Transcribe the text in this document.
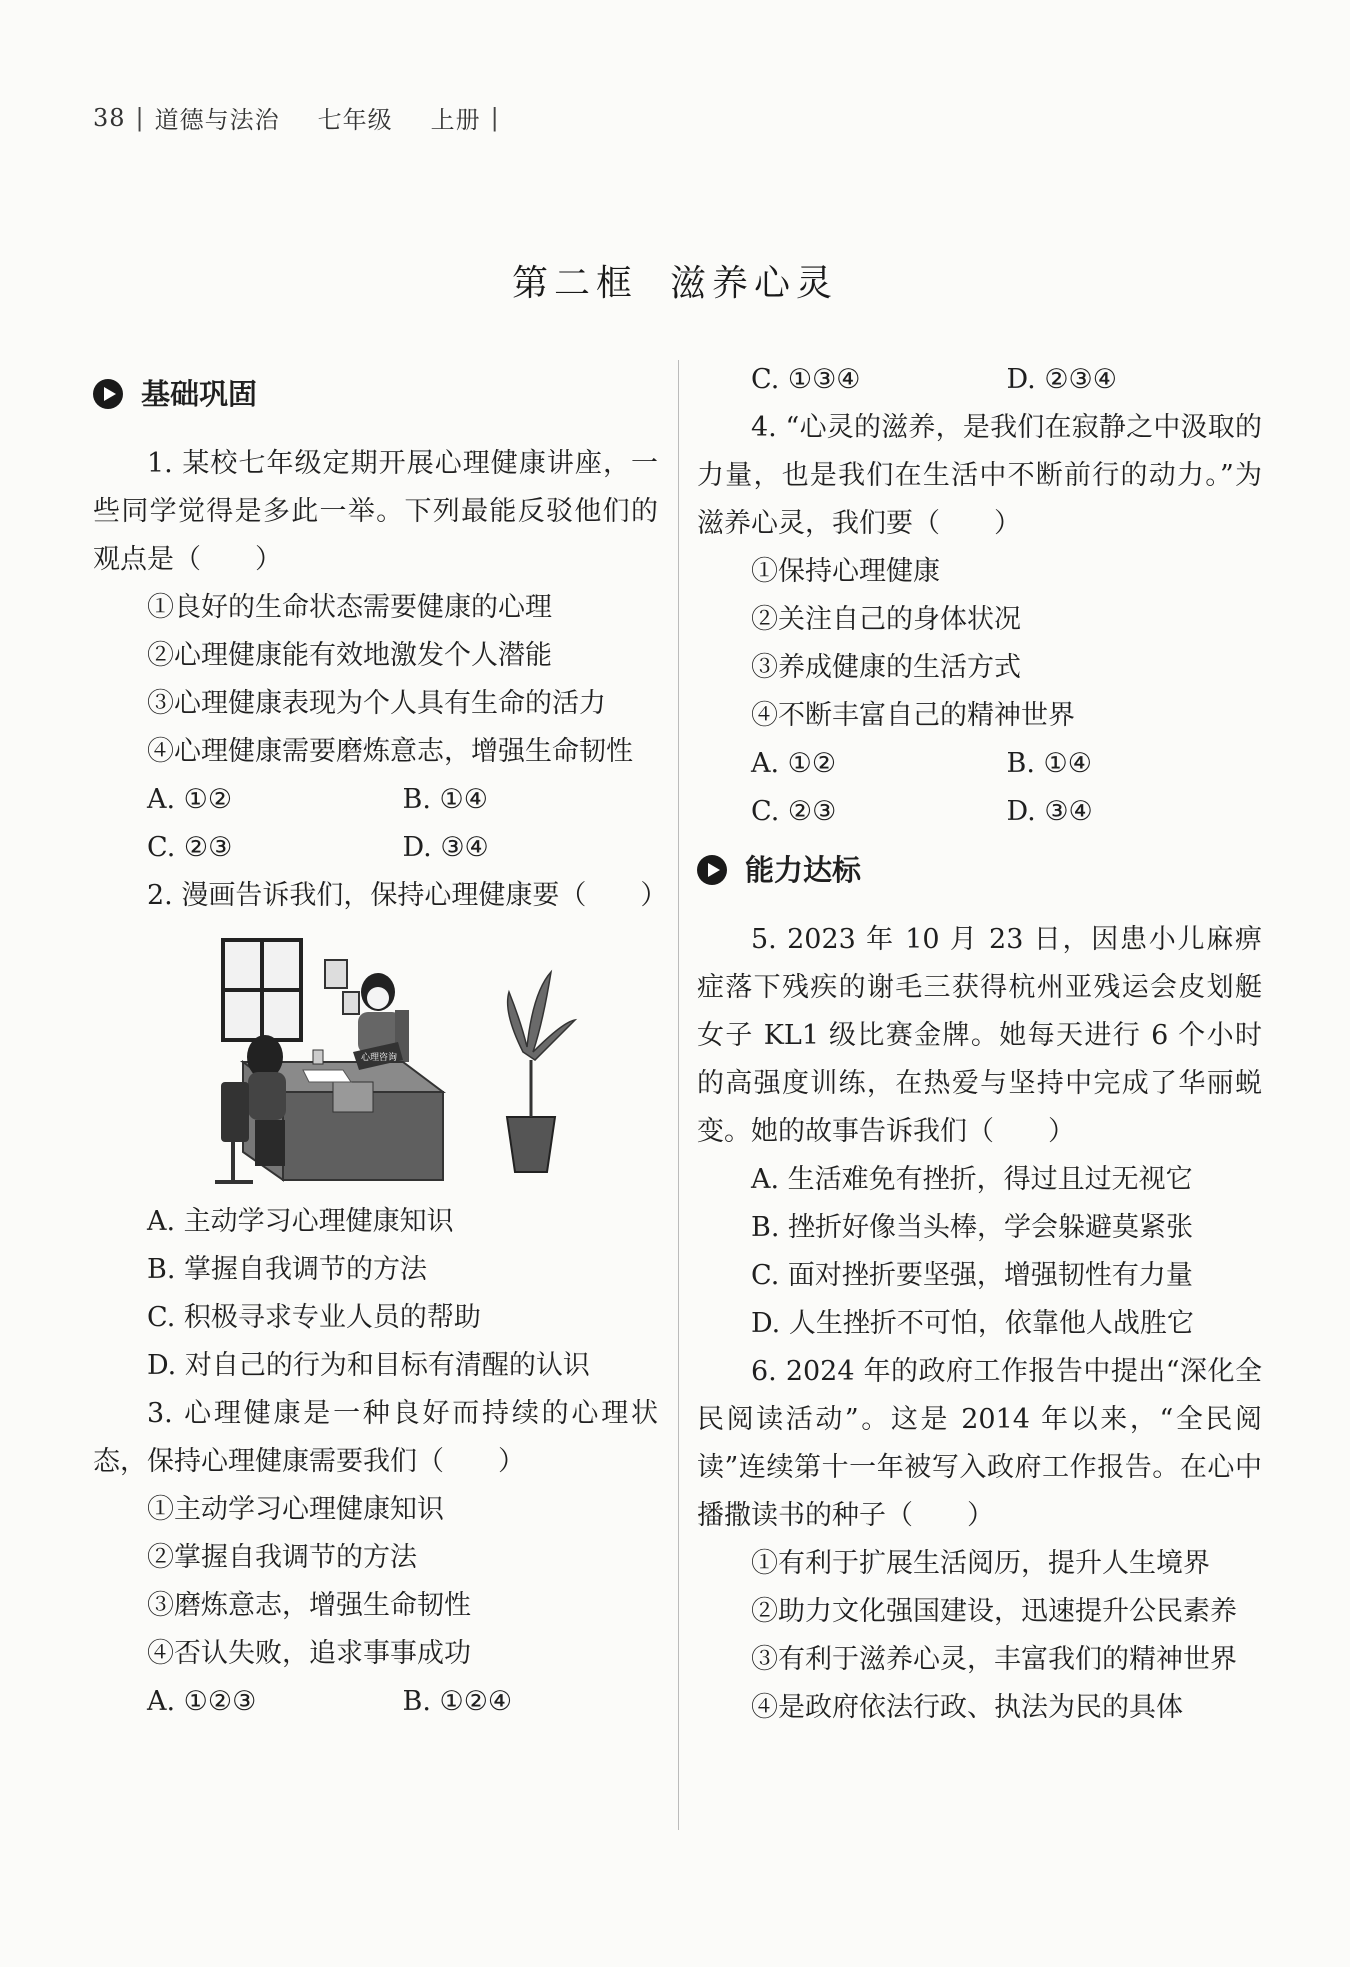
38 | 道德与法治 七年级 上册 |
第二框 滋养心灵
基础巩固
1. 某校七年级定期开展心理健康讲座，一些同学觉得是多此一举。下列最能反驳他们的观点是（　　）
①良好的生命状态需要健康的心理
②心理健康能有效地激发个人潜能
③心理健康表现为个人具有生命的活力
④心理健康需要磨炼意志，增强生命韧性
A. ①②	B. ①④
C. ②③	D. ③④
2. 漫画告诉我们，保持心理健康要（　　）
心理咨询
A. 主动学习心理健康知识
B. 掌握自我调节的方法
C. 积极寻求专业人员的帮助
D. 对自己的行为和目标有清醒的认识
3. 心理健康是一种良好而持续的心理状态，保持心理健康需要我们（　　）
①主动学习心理健康知识
②掌握自我调节的方法
③磨炼意志，增强生命韧性
④否认失败，追求事事成功
A. ①②③	B. ①②④
C. ①③④	D. ②③④
4. “心灵的滋养，是我们在寂静之中汲取的力量，也是我们在生活中不断前行的动力。”为滋养心灵，我们要（　　）
①保持心理健康
②关注自己的身体状况
③养成健康的生活方式
④不断丰富自己的精神世界
A. ①②	B. ①④
C. ②③	D. ③④
能力达标
5. 2023 年 10 月 23 日，因患小儿麻痹症落下残疾的谢毛三获得杭州亚残运会皮划艇女子 KL1 级比赛金牌。她每天进行 6 个小时的高强度训练，在热爱与坚持中完成了华丽蜕变。她的故事告诉我们（　　）
A. 生活难免有挫折，得过且过无视它
B. 挫折好像当头棒，学会躲避莫紧张
C. 面对挫折要坚强，增强韧性有力量
D. 人生挫折不可怕，依靠他人战胜它
6. 2024 年的政府工作报告中提出“深化全民阅读活动”。这是 2014 年以来，“全民阅读”连续第十一年被写入政府工作报告。在心中播撒读书的种子（　　）
①有利于扩展生活阅历，提升人生境界
②助力文化强国建设，迅速提升公民素养
③有利于滋养心灵，丰富我们的精神世界
④是政府依法行政、执法为民的具体
